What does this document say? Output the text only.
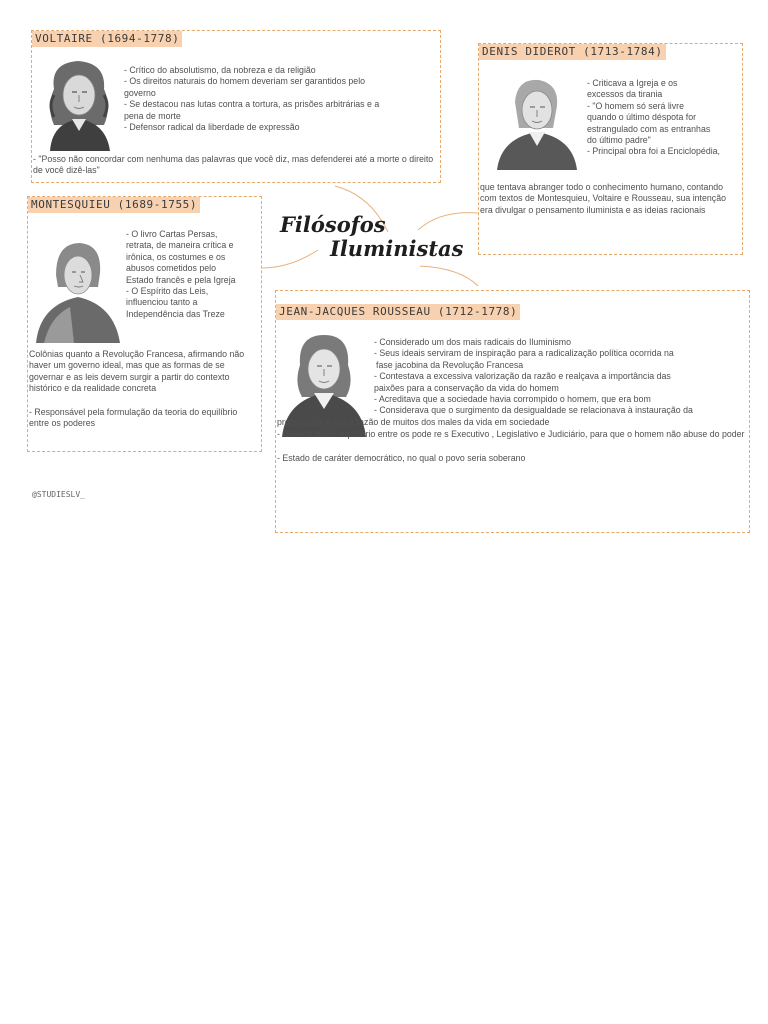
Filósofos
Iluministas
VOLTAIRE (1694-1778)

- Crítico do absolutismo, da nobreza e da religião

- Os direitos naturais do homem deveriam ser garantidos pelo

governo

- Se destacou nas lutas contra a tortura, as prisões arbitrárias e a

pena de morte

- Defensor radical da liberdade de expressão

- "Posso não concordar com nenhuma das palavras que você diz, mas defenderei até a morte o direito de você dizê-las"
DENIS DIDEROT (1713-1784)

- Criticava a Igreja e os

excessos da tirania

- "O homem só será livre

quando o último déspota for

estrangulado com as entranhas

do último padre"

- Principal obra foi a Enciclopédia,

que tentava abranger todo o conhecimento humano, contando com textos de Montesquieu, Voltaire e Rousseau, sua intenção era divulgar o pensamento iluminista e as ideias racionais
MONTESQUIEU (1689-1755)

- O livro Cartas Persas,

retrata, de maneira crítica e

irônica, os costumes e os

abusos cometidos pelo

Estado francês e pela Igreja

- O Espírito das Leis,

influenciou tanto a

Independência das Treze

Colônias quanto a Revolução Francesa, afirmando não haver um governo ideal, mas que as formas de se governar e as leis devem surgir a partir do contexto histórico e da realidade concreta
- Responsável pela formulação da teoria do equilíbrio entre os poderes
@STUDIESLV_
JEAN-JACQUES ROUSSEAU (1712-1778)

- Considerado um dos mais radicais do Iluminismo

- Seus ideais serviram de inspiração para a radicalização política ocorrida na

fase jacobina da Revolução Francesa

- Contestava a excessiva valorização da razão e realçava a importância das

paixões para a conservação da vida do homem

- Acreditava que a sociedade havia corrompido o homem, que era bom

- Considerava que o surgimento da desigualdade se relacionava à instauração da

propriedade e era a razão de muitos dos males da vida em sociedade
- Deveria haver equilíbrio entre os pode re s Executivo , Legislativo e Judiciário, para que o homem não abuse do poder
- Estado de caráter democrático, no qual o povo seria soberano
